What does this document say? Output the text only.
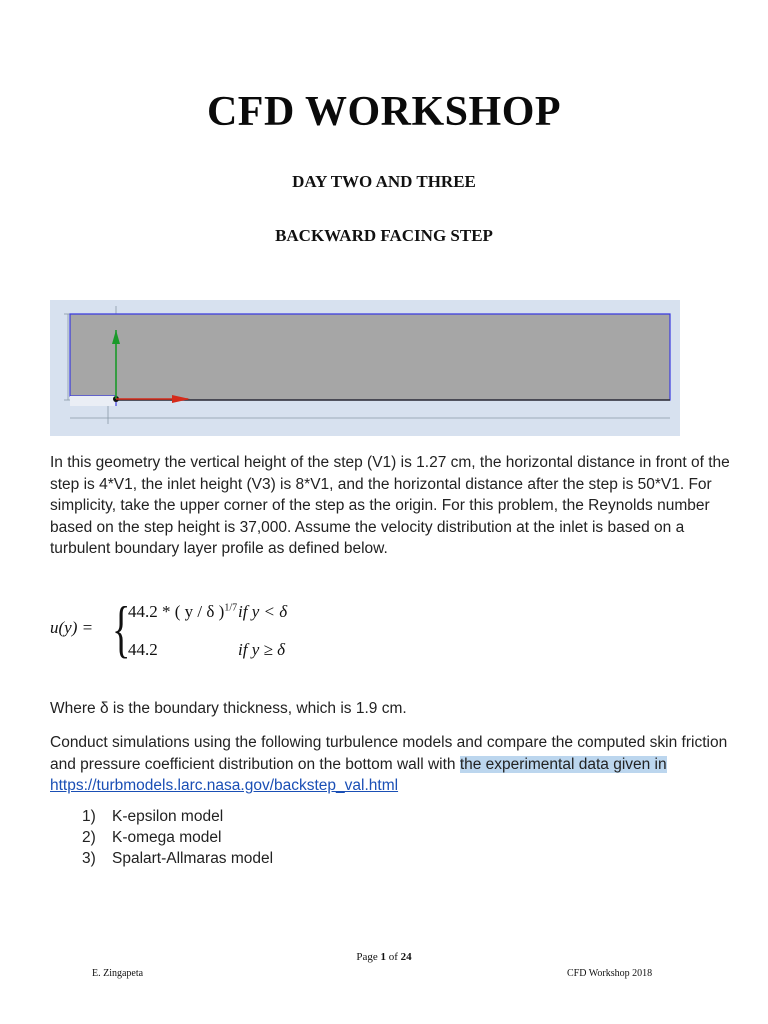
CFD WORKSHOP
DAY TWO AND THREE
BACKWARD FACING STEP
In this geometry the vertical height of the step (V1) is 1.27 cm, the horizontal distance in front of the step is 4*V1, the inlet height (V3) is 8*V1, and the horizontal distance after the step is 50*V1. For simplicity, take the upper corner of the step as the origin. For this problem, the Reynolds number based on the step height is 37,000. Assume the velocity distribution at the inlet is based on a turbulent boundary layer profile as defined below.
u(y) = {
44.2 * ( y / δ )$^{1/7}$ if y < δ
44.2	if y ≥ δ
Where δ is the boundary thickness, which is 1.9 cm.
Conduct simulations using the following turbulence models and compare the computed skin friction and pressure coefficient distribution on the bottom wall with the experimental data given in https://turbmodels.larc.nasa.gov/backstep_val.html
1)	K-epsilon model
2)	K-omega model
3)	Spalart-Allmaras model
Page 1 of 24
E. Zingapeta	CFD Workshop 2018
